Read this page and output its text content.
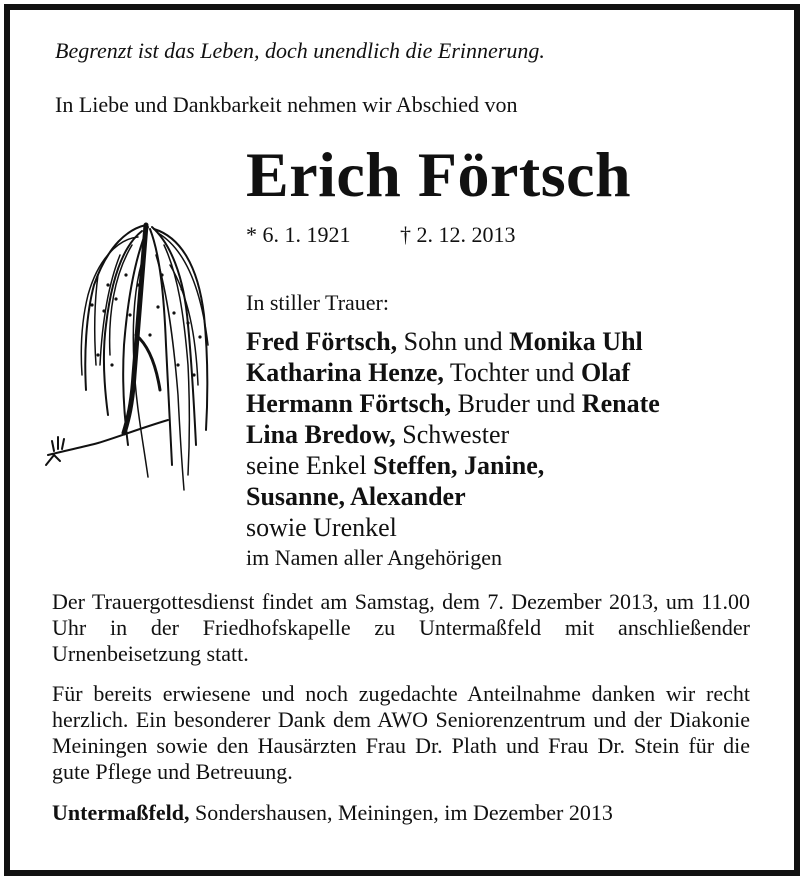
Begrenzt ist das Leben, doch unendlich die Erinnerung.
In Liebe und Dankbarkeit nehmen wir Abschied von
Erich Förtsch
* 6. 1. 1921 † 2. 12. 2013
In stiller Trauer:
Fred Förtsch, Sohn und Monika Uhl
Katharina Henze, Tochter und Olaf
Hermann Förtsch, Bruder und Renate
Lina Bredow, Schwester
seine Enkel Steffen, Janine,
Susanne, Alexander
sowie Urenkel
im Namen aller Angehörigen
Der Trauergottesdienst findet am Samstag, dem 7. Dezember 2013, um 11.00 Uhr in der Friedhofskapelle zu Untermaßfeld mit anschließender Urnenbeisetzung statt.
Für bereits erwiesene und noch zugedachte Anteilnahme danken wir recht herzlich. Ein besonderer Dank dem AWO Seniorenzentrum und der Diakonie Meiningen sowie den Hausärzten Frau Dr. Plath und Frau Dr. Stein für die gute Pflege und Betreuung.
Untermaßfeld, Sondershausen, Meiningen, im Dezember 2013
